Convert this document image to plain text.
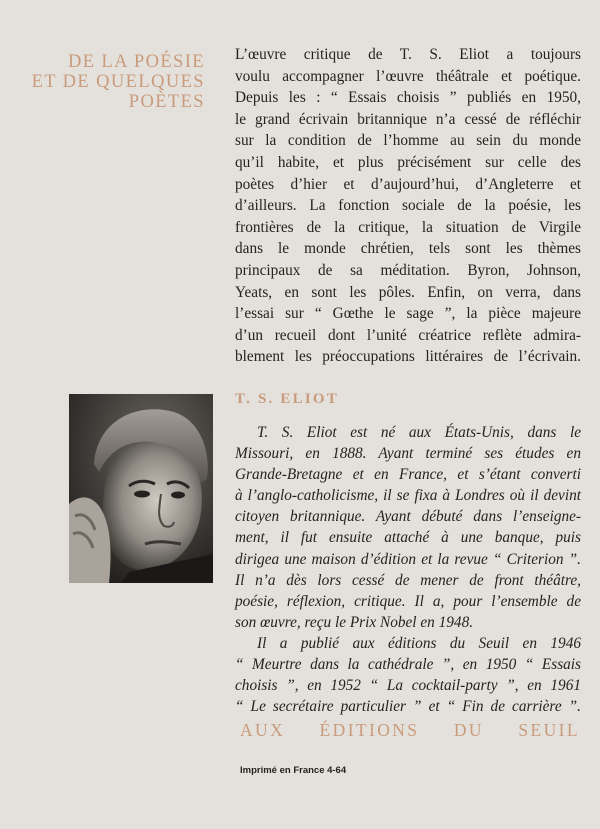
DE LA POÉSIE
ET DE QUELQUES
POÈTES
L’œuvre critique de T. S. Eliot a toujours
voulu accompagner l’œuvre théâtrale et poétique.
Depuis les : “ Essais choisis ” publiés en 1950,
le grand écrivain britannique n’a cessé de réfléchir
sur la condition de l’homme au sein du monde
qu’il habite, et plus précisément sur celle des
poètes d’hier et d’aujourd’hui, d’Angleterre et
d’ailleurs. La fonction sociale de la poésie, les
frontières de la critique, la situation de Virgile
dans le monde chrétien, tels sont les thèmes
principaux de sa méditation. Byron, Johnson,
Yeats, en sont les pôles. Enfin, on verra, dans
l’essai sur “ Gœthe le sage ”, la pièce majeure
d’un recueil dont l’unité créatrice reflète admira-
blement les préoccupations littéraires de l’écrivain.
T. S. ELIOT
T. S. Eliot est né aux États-Unis, dans le
Missouri, en 1888. Ayant terminé ses études en
Grande-Bretagne et en France, et s’étant converti
à l’anglo-catholicisme, il se fixa à Londres où il devint
citoyen britannique. Ayant débuté dans l’enseigne-
ment, il fut ensuite attaché à une banque, puis
dirigea une maison d’édition et la revue “ Criterion ”.
Il n’a dès lors cessé de mener de front théâtre,
poésie, réflexion, critique. Il a, pour l’ensemble de
son œuvre, reçu le Prix Nobel en 1948.
Il a publié aux éditions du Seuil en 1946
“ Meurtre dans la cathédrale ”, en 1950 “ Essais
choisis ”, en 1952 “ La cocktail-party ”, en 1961
“ Le secrétaire particulier ” et “ Fin de carrière ”.
AUX ÉDITIONS DU SEUIL
Imprimé en France 4-64
